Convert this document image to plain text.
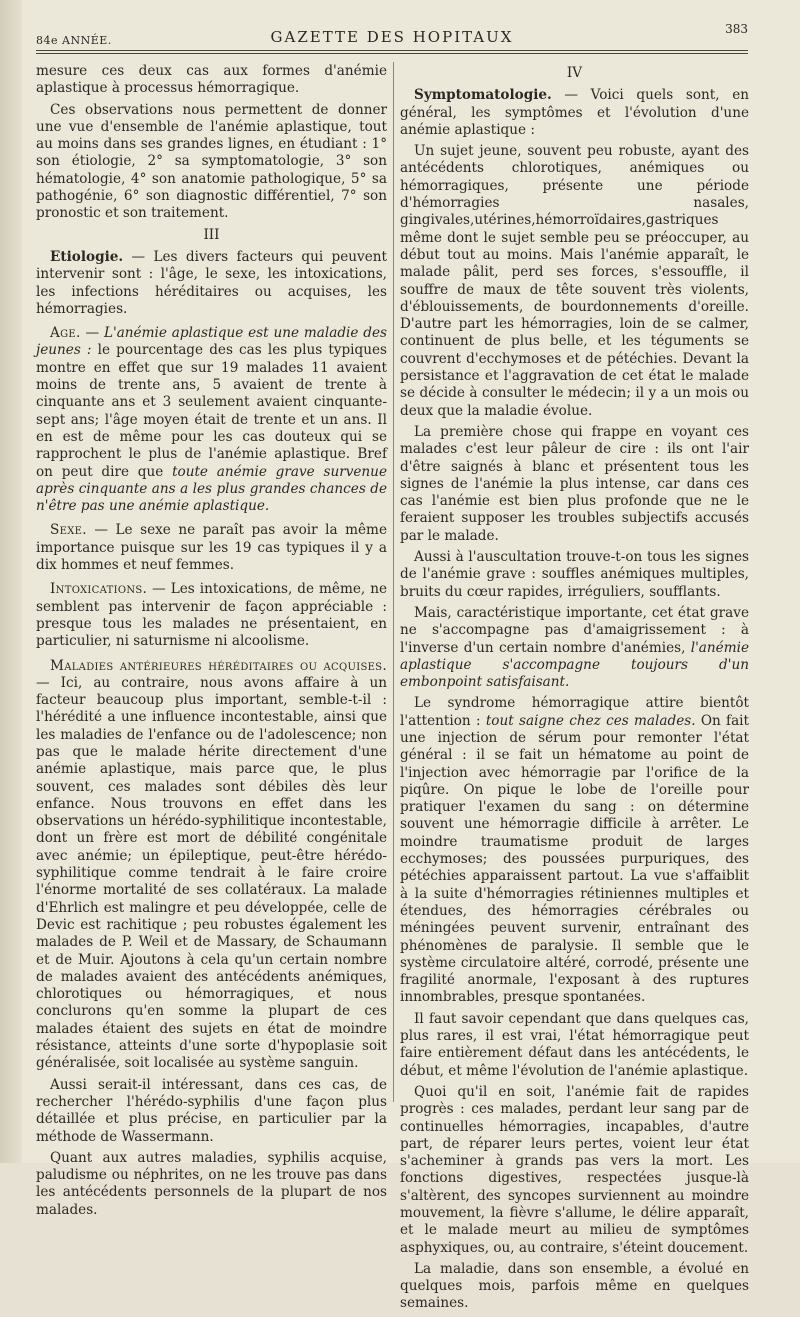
84e ANNÉE.	GAZETTE DES HOPITAUX	383

mesure ces deux cas aux formes d'anémie aplastique à processus hémorragique.

Ces observations nous permettent de donner une vue d'ensemble de l'anémie aplastique, tout au moins dans ses grandes lignes, en étudiant : 1° son étiologie, 2° sa symptomatologie, 3° son hématologie, 4° son anatomie pathologique, 5° sa pathogénie, 6° son diagnostic différentiel, 7° son pronostic et son traitement.

III

Etiologie. — Les divers facteurs qui peuvent intervenir sont : l'âge, le sexe, les intoxications, les infections héréditaires ou acquises, les hémorragies.

Age. — L'anémie aplastique est une maladie des jeunes : le pourcentage des cas les plus typiques montre en effet que sur 19 malades 11 avaient moins de trente ans, 5 avaient de trente à cinquante ans et 3 seulement avaient cinquante-sept ans; l'âge moyen était de trente et un ans. Il en est de même pour les cas douteux qui se rapprochent le plus de l'anémie aplastique. Bref on peut dire que toute anémie grave survenue après cinquante ans a les plus grandes chances de n'être pas une anémie aplastique.

Sexe. — Le sexe ne paraît pas avoir la même importance puisque sur les 19 cas typiques il y a dix hommes et neuf femmes.

Intoxications. — Les intoxications, de même, ne semblent pas intervenir de façon appréciable : presque tous les malades ne présentaient, en particulier, ni saturnisme ni alcoolisme.

Maladies antérieures héréditaires ou acquises. — Ici, au contraire, nous avons affaire à un facteur beaucoup plus important, semble-t-il : l'hérédité a une influence incontestable, ainsi que les maladies de l'enfance ou de l'adolescence; non pas que le malade hérite directement d'une anémie aplastique, mais parce que, le plus souvent, ces malades sont débiles dès leur enfance. Nous trouvons en effet dans les observations un hérédo-syphilitique incontestable, dont un frère est mort de débilité congénitale avec anémie; un épileptique, peut-être hérédo-syphilitique comme tendrait à le faire croire l'énorme mortalité de ses collatéraux. La malade d'Ehrlich est malingre et peu développée, celle de Devic est rachitique ; peu robustes également les malades de P. Weil et de Massary, de Schaumann et de Muir. Ajoutons à cela qu'un certain nombre de malades avaient des antécédents anémiques, chlorotiques ou hémorragiques, et nous conclurons qu'en somme la plupart de ces malades étaient des sujets en état de moindre résistance, atteints d'une sorte d'hypoplasie soit généralisée, soit localisée au système sanguin.

Aussi serait-il intéressant, dans ces cas, de rechercher l'hérédo-syphilis d'une façon plus détaillée et plus précise, en particulier par la méthode de Wassermann.

Quant aux autres maladies, syphilis acquise, paludisme ou néphrites, on ne les trouve pas dans les antécédents personnels de la plupart de nos malades.

IV

Symptomatologie. — Voici quels sont, en général, les symptômes et l'évolution d'une anémie aplastique :

Un sujet jeune, souvent peu robuste, ayant des antécédents chlorotiques, anémiques ou hémorragiques, présente une période d'hémorragies nasales, gingivales,utérines,hémorroïdaires,gastriques même dont le sujet semble peu se préoccuper, au début tout au moins. Mais l'anémie apparaît, le malade pâlit, perd ses forces, s'essouffle, il souffre de maux de tête souvent très violents, d'éblouissements, de bourdonnements d'oreille. D'autre part les hémorragies, loin de se calmer, continuent de plus belle, et les téguments se couvrent d'ecchymoses et de pétéchies. Devant la persistance et l'aggravation de cet état le malade se décide à consulter le médecin; il y a un mois ou deux que la maladie évolue.

La première chose qui frappe en voyant ces malades c'est leur pâleur de cire : ils ont l'air d'être saignés à blanc et présentent tous les signes de l'anémie la plus intense, car dans ces cas l'anémie est bien plus profonde que ne le feraient supposer les troubles subjectifs accusés par le malade.

Aussi à l'auscultation trouve-t-on tous les signes de l'anémie grave : souffles anémiques multiples, bruits du cœur rapides, irréguliers, soufflants.

Mais, caractéristique importante, cet état grave ne s'accompagne pas d'amaigrissement : à l'inverse d'un certain nombre d'anémies, l'anémie aplastique s'accompagne toujours d'un embonpoint satisfaisant.

Le syndrome hémorragique attire bientôt l'attention : tout saigne chez ces malades. On fait une injection de sérum pour remonter l'état général : il se fait un hématome au point de l'injection avec hémorragie par l'orifice de la piqûre. On pique le lobe de l'oreille pour pratiquer l'examen du sang : on détermine souvent une hémorragie difficile à arrêter. Le moindre traumatisme produit de larges ecchymoses; des poussées purpuriques, des pétéchies apparaissent partout. La vue s'affaiblit à la suite d'hémorragies rétiniennes multiples et étendues, des hémorragies cérébrales ou méningées peuvent survenir, entraînant des phénomènes de paralysie. Il semble que le système circulatoire altéré, corrodé, présente une fragilité anormale, l'exposant à des ruptures innombrables, presque spontanées.

Il faut savoir cependant que dans quelques cas, plus rares, il est vrai, l'état hémorragique peut faire entièrement défaut dans les antécédents, le début, et même l'évolution de l'anémie aplastique.

Quoi qu'il en soit, l'anémie fait de rapides progrès : ces malades, perdant leur sang par de continuelles hémorragies, incapables, d'autre part, de réparer leurs pertes, voient leur état s'acheminer à grands pas vers la mort. Les fonctions digestives, respectées jusque-là s'altèrent, des syncopes surviennent au moindre mouvement, la fièvre s'allume, le délire apparaît, et le malade meurt au milieu de symptômes asphyxiques, ou, au contraire, s'éteint doucement.

La maladie, dans son ensemble, a évolué en quelques mois, parfois même en quelques semaines.
